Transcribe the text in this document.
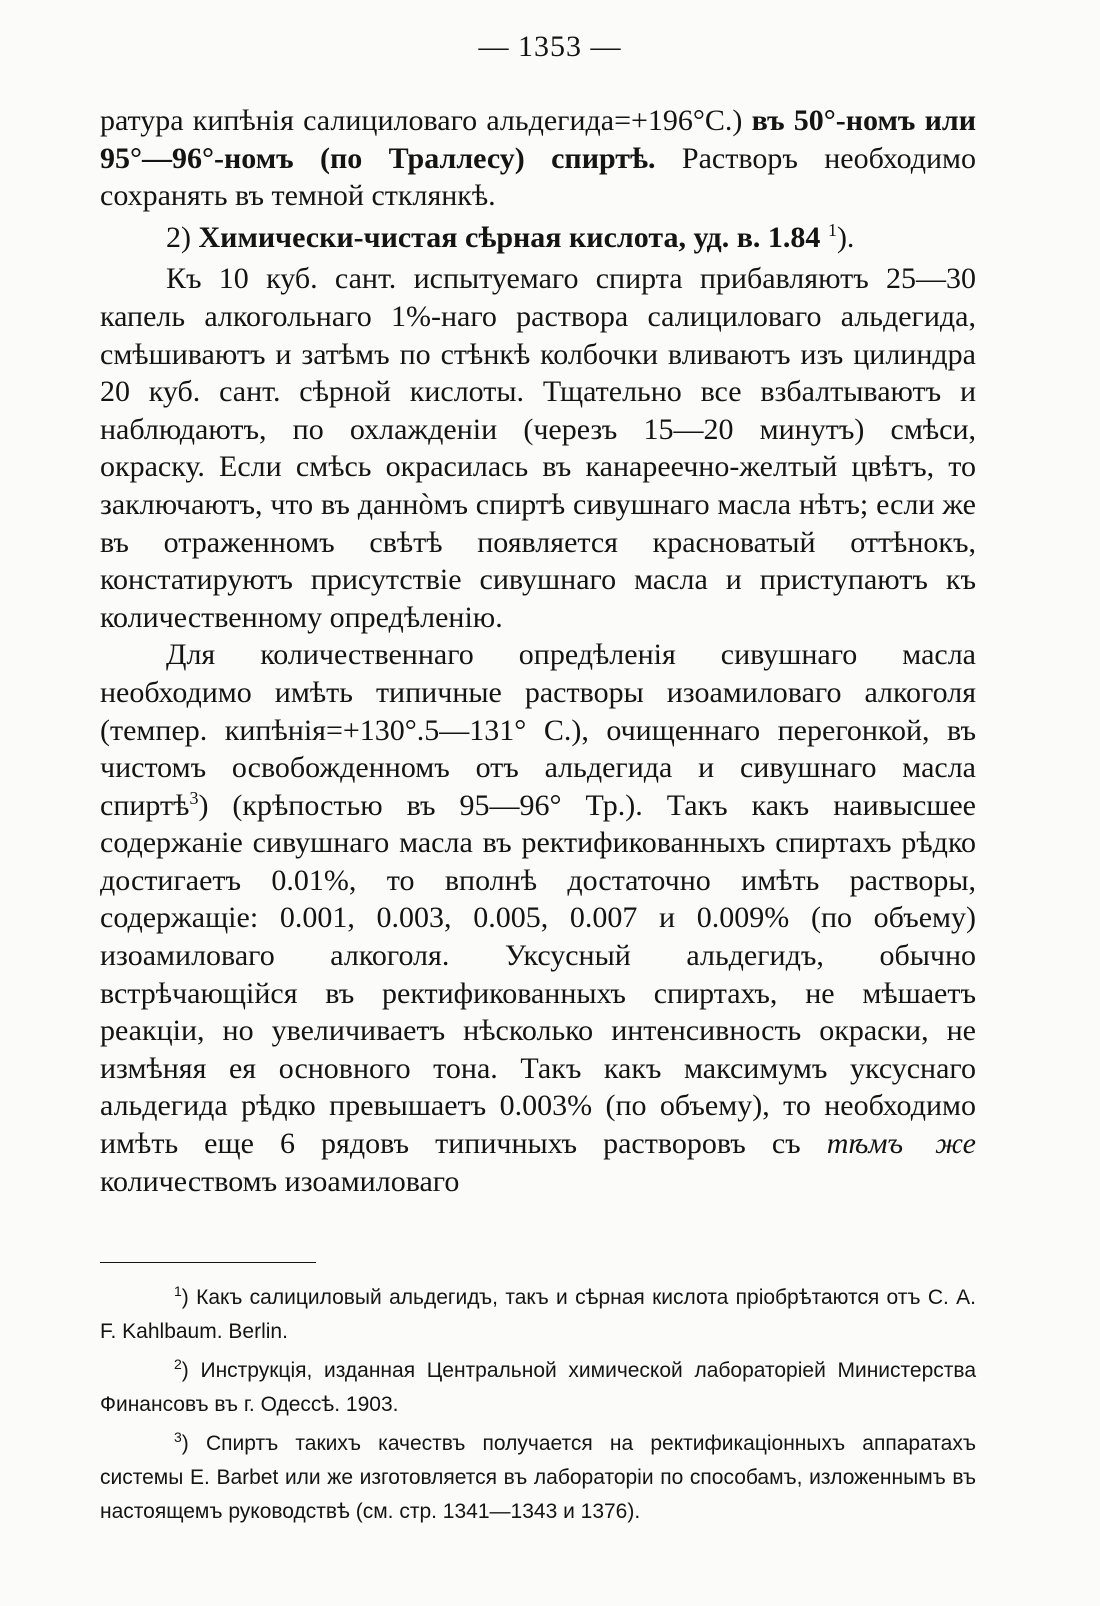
— 1353 —

ратура кипѣнія салициловаго альдегида=+196°С.) въ 50°-номъ или 95°—96°-номъ (по Траллесу) спиртѣ. Растворъ необходимо сохранять въ темной стклянкѣ.

2) Химически-чистая сѣрная кислота, уд. в. 1.84 $^1$).

Къ 10 куб. сант. испытуемаго спирта прибавляютъ 25—30 капель алкогольнаго 1%-наго раствора салициловаго альдегида, смѣшиваютъ и затѣмъ по стѣнкѣ колбочки вливаютъ изъ цилиндра 20 куб. сант. сѣрной кислоты. Тщательно все взбалтываютъ и наблюдаютъ, по охлажденіи (черезъ 15—20 минутъ) смѣси, окраску. Если смѣсь окрасилась въ канареечно-желтый цвѣтъ, то заключаютъ, что въ даннòмъ спиртѣ сивушнаго масла нѣтъ; если же въ отраженномъ свѣтѣ появляется красноватый оттѣнокъ, констатируютъ присутствіе сивушнаго масла и приступаютъ къ количественному опредѣленію.

Для количественнаго опредѣленія сивушнаго масла необходимо имѣть типичные растворы изоамиловаго алкоголя (темпер. кипѣнія=+130°.5—131° С.), очищеннаго перегонкой, въ чистомъ освобожденномъ отъ альдегида и сивушнаго масла спиртѣ$^3$) (крѣпостью въ 95—96° Тр.). Такъ какъ наивысшее содержаніе сивушнаго масла въ ректификованныхъ спиртахъ рѣдко достигаетъ 0.01%, то вполнѣ достаточно имѣть растворы, содержащіе: 0.001, 0.003, 0.005, 0.007 и 0.009% (по объему) изоамиловаго алкоголя. Уксусный альдегидъ, обычно встрѣчающійся въ ректификованныхъ спиртахъ, не мѣшаетъ реакціи, но увеличиваетъ нѣсколько интенсивность окраски, не измѣняя ея основного тона. Такъ какъ максимумъ уксуснаго альдегида рѣдко превышаетъ 0.003% (по объему), то необходимо имѣть еще 6 рядовъ типичныхъ растворовъ съ тѣмъ же количествомъ изоамиловаго

$^1$) Какъ салициловый альдегидъ, такъ и сѣрная кислота пріобрѣтаются отъ С. А. F. Kahlbaum. Berlin.

$^2$) Инструкція, изданная Центральной химической лабораторіей Министерства Финансовъ въ г. Одессѣ. 1903.

$^3$) Спиртъ такихъ качествъ получается на ректификаціонныхъ аппаратахъ системы E. Barbet или же изготовляется въ лабораторіи по способамъ, изложеннымъ въ настоящемъ руководствѣ (см. стр. 1341—1343 и 1376).
